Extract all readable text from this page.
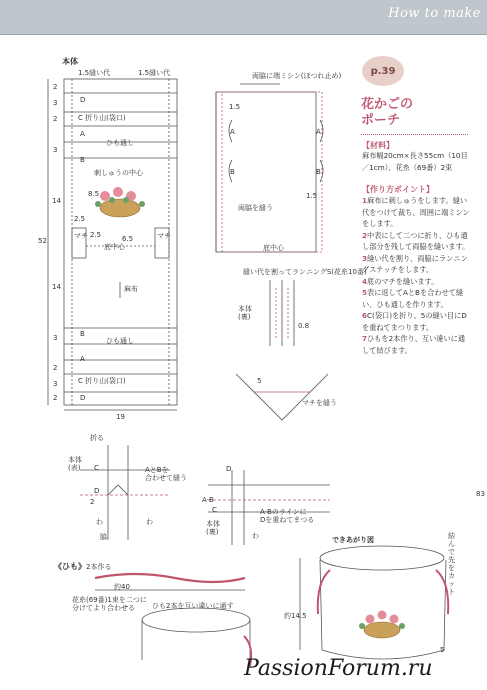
How to make
本体
1.5縫い代	1.5縫い代
52
19
D
C 折り山(袋口)
A
ひも通し
B
刺しゅうの中心
8.5
14
2.5
2.5	6.5
底中心
マチ	マチ
麻布
14
B
ひも通し
A
C 折り山(袋口)
D
2
3
2
3
3
2
3
2
両脇に端ミシン(ほつれ止め)
1.5
1.5
A	A
B	B
両脇を縫う
底中心
縫い代を割ってランニングS(花糸10番)
本体
(裏)
0.8
5
マチを縫う
折る
本体
(表) C
D
AとBを
合わせて縫う
2
わ	わ
脇
D
A·B
C	A·Bのラインに
Dを重ねてまつる
本体
(裏)	わ
《ひも》 2本作る
約40
花糸(69番)1束を二つに
分けてより合わせる ひも2本を互い違いに通す
できあがり図	結んで先をカット
約14.5
5
p.39
花かごの
ポーチ
【材料】
麻布幅20cm×長さ55cm（10目／1cm）、花糸（69番）2束
【作り方ポイント】

1麻布に刺しゅうをします。縫い代をつけて裁ち、周囲に端ミシンをします。

2中表にして二つに折り、ひも通し部分を残して両脇を縫います。

3縫い代を割り、両脇にランニングステッチをします。

4底のマチを縫います。

5表に返してAとBを合わせて縫い、ひも通しを作ります。

6C(袋口)を折り、5の縫い目にDを重ねてまつります。

7ひもを2本作り、互い違いに通して結びます。

83
PassionForum.ru
